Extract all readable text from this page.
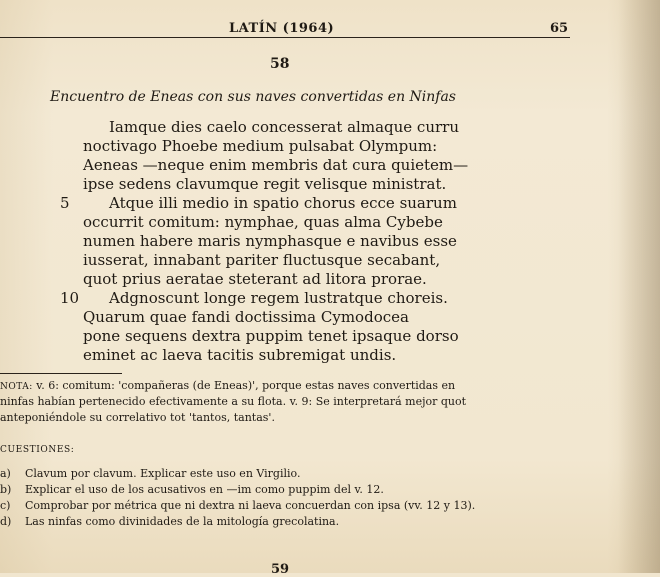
LATÍN (1964)	65
58
Encuentro de Eneas con sus naves convertidas en Ninfas
Iamque dies caelo concesserat almaque curru
noctivago Phoebe medium pulsabat Olympum:
Aeneas —neque enim membris dat cura quietem—
ipse sedens clavumque regit velisque ministrat.
5	Atque illi medio in spatio chorus ecce suarum
occurrit comitum: nymphae, quas alma Cybebe
numen habere maris nymphasque e navibus esse
iusserat, innabant pariter fluctusque secabant,
quot prius aeratae steterant ad litora prorae.
10 Adgnoscunt longe regem lustratque choreis.
Quarum quae fandi doctissima Cymodocea
pone sequens dextra puppim tenet ipsaque dorso
eminet ac laeva tacitis subremigat undis.
NOTA: v. 6: comitum: 'compañeras (de Eneas)', porque estas naves convertidas en
ninfas habían pertenecido efectivamente a su flota. v. 9: Se interpretará mejor quot
anteponiéndole su correlativo tot 'tantos, tantas'.
CUESTIONES:
a)	Clavum por clavum. Explicar este uso en Virgilio.
b)	Explicar el uso de los acusativos en —im como puppim del v. 12.
c)	Comprobar por métrica que ni dextra ni laeva concuerdan con ipsa (vv. 12 y 13).
d)	Las ninfas como divinidades de la mitología grecolatina.
59
